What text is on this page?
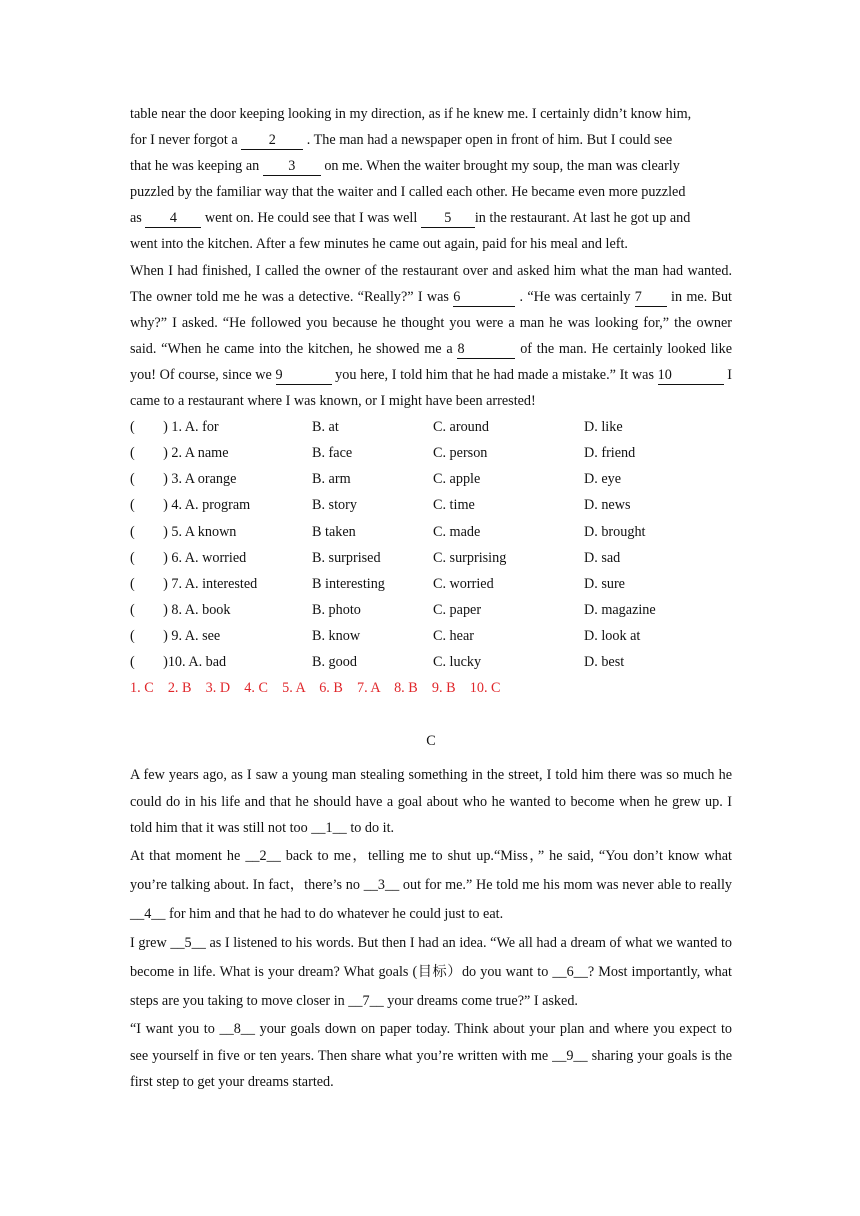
table near the door keeping looking in my direction, as if he knew me. I certainly didn’t know him,

for I never forgot a 2 . The man had a newspaper open in front of him. But I could see

that he was keeping an 3 on me. When the waiter brought my soup, the man was clearly

puzzled by the familiar way that the waiter and I called each other. He became even more puzzled

as 4 went on. He could see that I was well 5 in the restaurant. At last he got up and

went into the kitchen. After a few minutes he came out again, paid for his meal and left.

When I had finished, I called the owner of the restaurant over and asked him what the man had wanted. The owner told me he was a detective. “Really?” I was 6	. “He was certainly 7 in me. But why?” I asked. “He followed you because he thought you were a man he was looking for,” the owner said. “When he came into the kitchen, he showed me a 8	of the man. He certainly looked like you! Of course, since we 9	you here, I told him that he had made a mistake.” It was 10	I came to a restaurant where I was known, or I might have been arrested!

(        ) 1. A. for	B. at	C. around	D. like
(        ) 2. A name	B. face	C. person	D. friend
(        ) 3. A orange	B. arm	C. apple	D. eye
(        ) 4. A. program	B. story	C. time	D. news
(        ) 5. A known	B taken	C. made	D. brought
(        ) 6. A. worried	B. surprised	C. surprising	D. sad
(        ) 7. A. interested	B interesting	C. worried	D. sure
(        ) 8. A. book	B. photo	C. paper	D. magazine
(        ) 9. A. see	B. know	C. hear	D. look at
(        )10. A. bad	B. good	C. lucky	D. best
1. C    2. B    3. D    4. C    5. A    6. B    7. A    8. B    9. B    10. C
C

A few years ago, as I saw a young man stealing something in the street, I told him there was so much he could do in his life and that he should have a goal about who he wanted to become when he grew up. I told him that it was still not too __1__ to do it.

At that moment he __2__ back to me，telling me to shut up.“Miss，” he said, “You don’t know what you’re talking about. In fact，there’s no __3__ out for me.” He told me his mom was never able to really __4__ for him and that he had to do whatever he could just to eat.

I grew __5__ as I listened to his words. But then I had an idea. “We all had a dream of what we wanted to become in life. What is your dream? What goals (目标）do you want to __6__? Most importantly, what steps are you taking to move closer in __7__ your dreams come true?” I asked.

“I want you to __8__ your goals down on paper today. Think about your plan and where you expect to see yourself in five or ten years. Then share what you’re written with me __9__ sharing your goals is the first step to get your dreams started.
